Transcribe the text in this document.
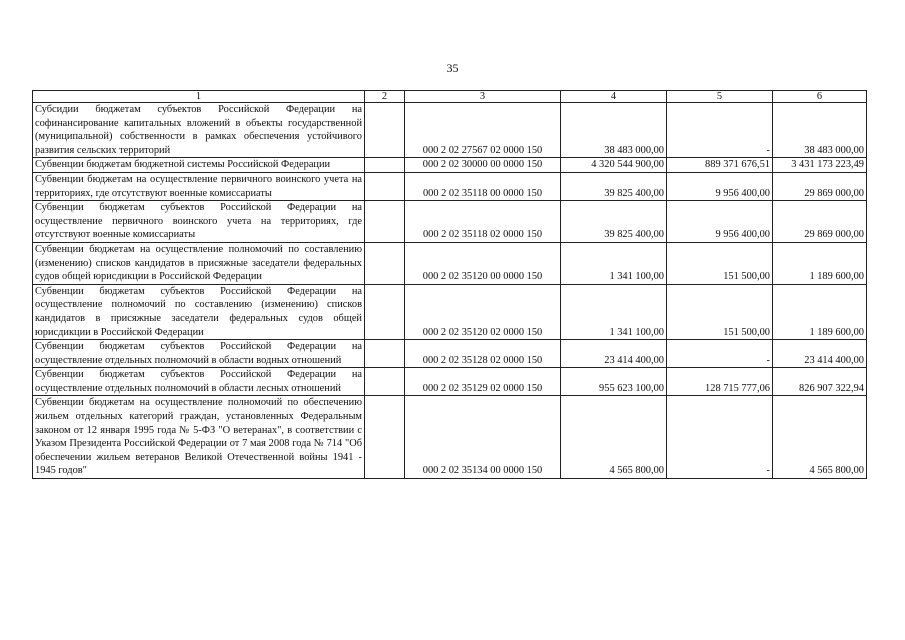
35
1	2	3	4	5	6
Субсидии бюджетам субъектов Российской Федерации на софинансирование капитальных вложений в объекты государственной (муниципальной) собственности в рамках обеспечения устойчивого развития сельских территорий		000 2 02 27567 02 0000 150	38 483 000,00	-	38 483 000,00
Субвенции бюджетам бюджетной системы Российской Федерации		000 2 02 30000 00 0000 150	4 320 544 900,00	889 371 676,51	3 431 173 223,49
Субвенции бюджетам на осуществление первичного воинского учета на территориях, где отсутствуют военные комиссариаты		000 2 02 35118 00 0000 150	39 825 400,00	9 956 400,00	29 869 000,00
Субвенции бюджетам субъектов Российской Федерации на осуществление первичного воинского учета на территориях, где отсутствуют военные комиссариаты		000 2 02 35118 02 0000 150	39 825 400,00	9 956 400,00	29 869 000,00
Субвенции бюджетам на осуществление полномочий по составлению (изменению) списков кандидатов в присяжные заседатели федеральных судов общей юрисдикции в Российской Федерации		000 2 02 35120 00 0000 150	1 341 100,00	151 500,00	1 189 600,00
Субвенции бюджетам субъектов Российской Федерации на осуществление полномочий по составлению (изменению) списков кандидатов в присяжные заседатели федеральных судов общей юрисдикции в Российской Федерации		000 2 02 35120 02 0000 150	1 341 100,00	151 500,00	1 189 600,00
Субвенции бюджетам субъектов Российской Федерации на осуществление отдельных полномочий в области водных отношений		000 2 02 35128 02 0000 150	23 414 400,00	-	23 414 400,00
Субвенции бюджетам субъектов Российской Федерации на осуществление отдельных полномочий в области лесных отношений		000 2 02 35129 02 0000 150	955 623 100,00	128 715 777,06	826 907 322,94
Субвенции бюджетам на осуществление полномочий по обеспечению жильем отдельных категорий граждан, установленных Федеральным законом от 12 января 1995 года № 5-ФЗ "О ветеранах", в соответствии с Указом Президента Российской Федерации от 7 мая 2008 года № 714 "Об обеспечении жильем ветеранов Великой Отечественной войны 1941 - 1945 годов"		000 2 02 35134 00 0000 150	4 565 800,00	-	4 565 800,00
